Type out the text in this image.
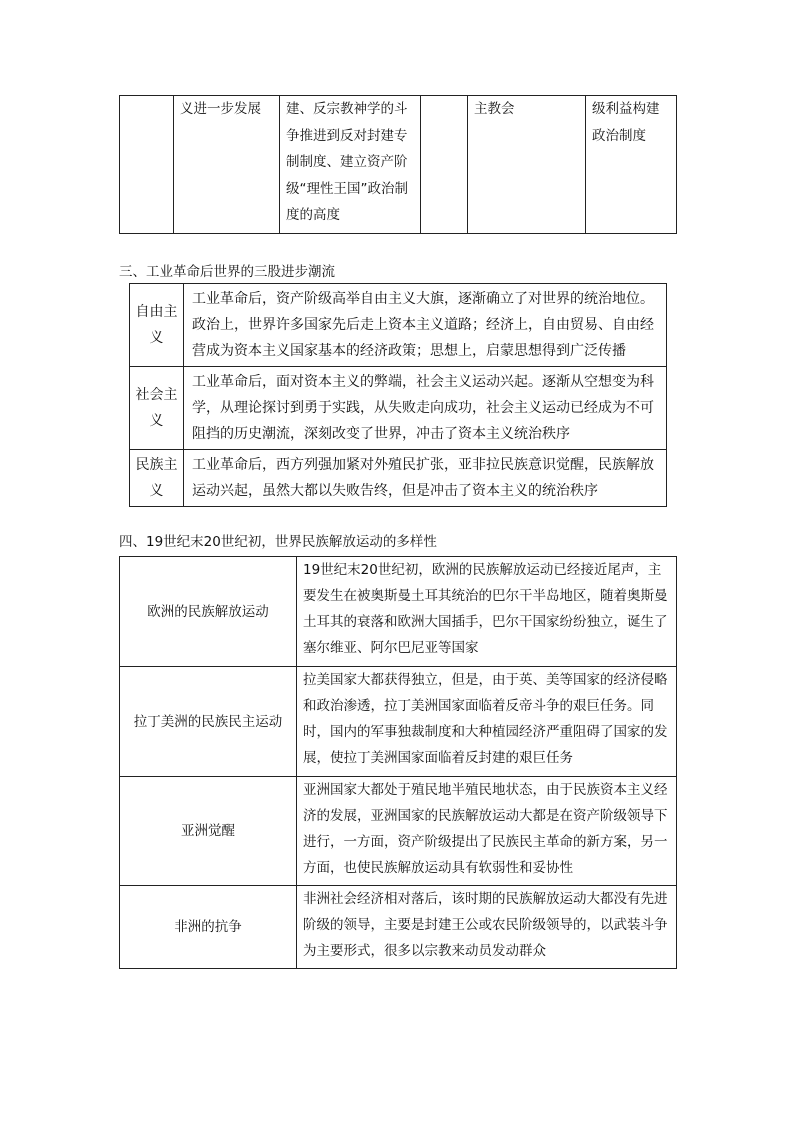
	义进一步发展	建、反宗教神学的斗争推进到反对封建专制制度、建立资产阶级“理性王国”政治制度的高度		主教会	级利益构建政治制度
三、工业革命后世界的三股进步潮流
自由主义	工业革命后，资产阶级高举自由主义大旗，逐渐确立了对世界的统治地位。政治上，世界许多国家先后走上资本主义道路；经济上，自由贸易、自由经营成为资本主义国家基本的经济政策；思想上，启蒙思想得到广泛传播
社会主义	工业革命后，面对资本主义的弊端，社会主义运动兴起。逐渐从空想变为科学，从理论探讨到勇于实践，从失败走向成功，社会主义运动已经成为不可阻挡的历史潮流，深刻改变了世界，冲击了资本主义统治秩序
民族主义	工业革命后，西方列强加紧对外殖民扩张，亚非拉民族意识觉醒，民族解放运动兴起，虽然大都以失败告终，但是冲击了资本主义的统治秩序
四、19世纪末20世纪初，世界民族解放运动的多样性
欧洲的民族解放运动	19世纪末20世纪初，欧洲的民族解放运动已经接近尾声，主要发生在被奥斯曼土耳其统治的巴尔干半岛地区，随着奥斯曼土耳其的衰落和欧洲大国插手，巴尔干国家纷纷独立，诞生了塞尔维亚、阿尔巴尼亚等国家
拉丁美洲的民族民主运动	拉美国家大都获得独立，但是，由于英、美等国家的经济侵略和政治渗透，拉丁美洲国家面临着反帝斗争的艰巨任务。同时，国内的军事独裁制度和大种植园经济严重阻碍了国家的发展，使拉丁美洲国家面临着反封建的艰巨任务
亚洲觉醒	亚洲国家大都处于殖民地半殖民地状态，由于民族资本主义经济的发展，亚洲国家的民族解放运动大都是在资产阶级领导下进行，一方面，资产阶级提出了民族民主革命的新方案，另一方面，也使民族解放运动具有软弱性和妥协性
非洲的抗争	非洲社会经济相对落后，该时期的民族解放运动大都没有先进阶级的领导，主要是封建王公或农民阶级领导的，以武装斗争为主要形式，很多以宗教来动员发动群众
